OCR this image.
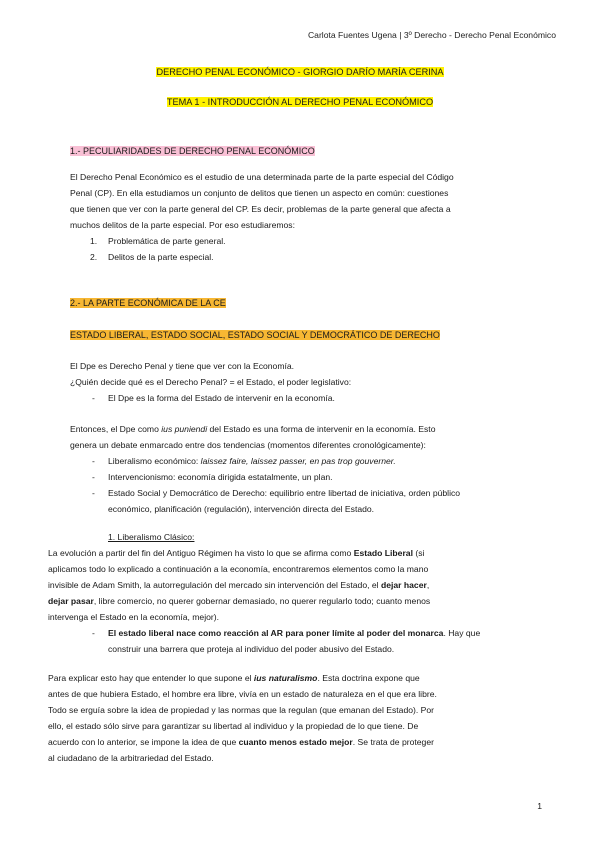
Carlota Fuentes Ugena | 3º Derecho - Derecho Penal Económico
DERECHO PENAL ECONÓMICO - GIORGIO DARÍO MARÍA CERINA
TEMA 1 - INTRODUCCIÓN AL DERECHO PENAL ECONÓMICO
1.- PECULIARIDADES DE DERECHO PENAL ECONÓMICO
El Derecho Penal Económico es el estudio de una determinada parte de la parte especial del Código
Penal (CP). En ella estudiamos un conjunto de delitos que tienen un aspecto en común: cuestiones
que tienen que ver con la parte general del CP. Es decir, problemas de la parte general que afecta a
muchos delitos de la parte especial. Por eso estudiaremos:
1. Problemática de parte general.
2. Delitos de la parte especial.
2.- LA PARTE ECONÓMICA DE LA CE
ESTADO LIBERAL, ESTADO SOCIAL, ESTADO SOCIAL Y DEMOCRÁTICO DE DERECHO
El Dpe es Derecho Penal y tiene que ver con la Economía.
¿Quién decide qué es el Derecho Penal? = el Estado, el poder legislativo:
- El Dpe es la forma del Estado de intervenir en la economía.
Entonces, el Dpe como ius puniendi del Estado es una forma de intervenir en la economía. Esto
genera un debate enmarcado entre dos tendencias (momentos diferentes cronológicamente):
- Liberalismo económico: laissez faire, laissez passer, en pas trop gouverner.
- Intervencionismo: economía dirigida estatalmente, un plan.
- Estado Social y Democrático de Derecho: equilibrio entre libertad de iniciativa, orden público
económico, planificación (regulación), intervención directa del Estado.
1. Liberalismo Clásico:
La evolución a partir del fin del Antiguo Régimen ha visto lo que se afirma como Estado Liberal (si
aplicamos todo lo explicado a continuación a la economía, encontraremos elementos como la mano
invisible de Adam Smith, la autorregulación del mercado sin intervención del Estado, el dejar hacer,
dejar pasar, libre comercio, no querer gobernar demasiado, no querer regularlo todo; cuanto menos
intervenga el Estado en la economía, mejor).
- El estado liberal nace como reacción al AR para poner límite al poder del monarca. Hay que
construir una barrera que proteja al individuo del poder abusivo del Estado.
Para explicar esto hay que entender lo que supone el ius naturalismo. Esta doctrina expone que
antes de que hubiera Estado, el hombre era libre, vivía en un estado de naturaleza en el que era libre.
Todo se erguía sobre la idea de propiedad y las normas que la regulan (que emanan del Estado). Por
ello, el estado sólo sirve para garantizar su libertad al individuo y la propiedad de lo que tiene. De
acuerdo con lo anterior, se impone la idea de que cuanto menos estado mejor. Se trata de proteger
al ciudadano de la arbitrariedad del Estado.
1
